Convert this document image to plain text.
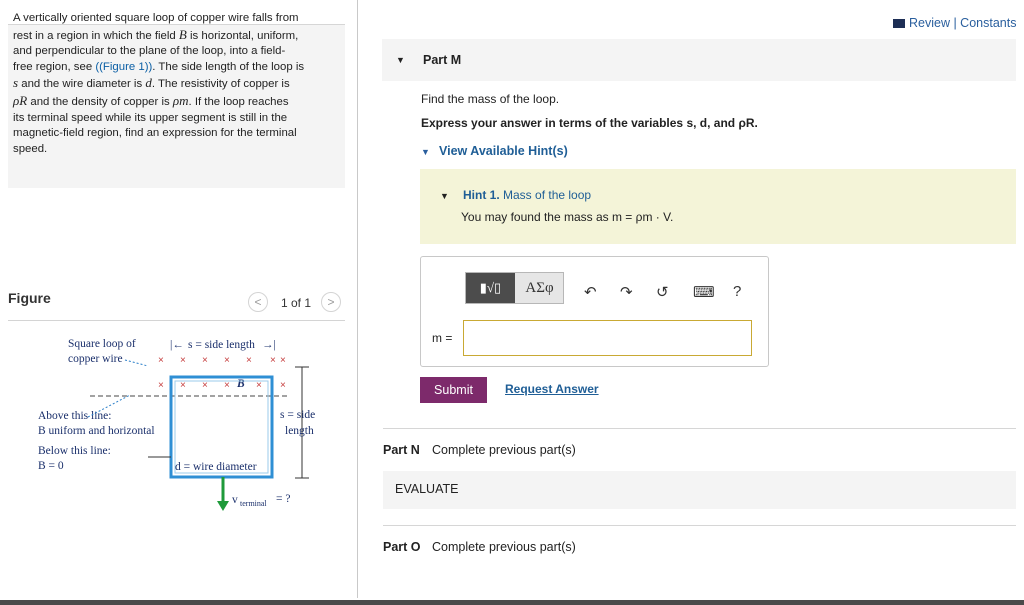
A vertically oriented square loop of copper wire falls from
rest in a region in which the field B is horizontal, uniform,
and perpendicular to the plane of the loop, into a field-
free region, see ((Figure 1)). The side length of the loop is
s and the wire diameter is d. The resistivity of copper is
ρR and the density of copper is ρm. If the loop reaches
its terminal speed while its upper segment is still in the
magnetic-field region, find an expression for the terminal
speed.
Figure	<	1 of 1	>
Square loop of
copper wire
|← s = side length →|
× × × × × × ×
× × × ×	× ×
B
s = side
length
Above this line:
B uniform and horizontal
Below this line:
B = 0	d = wire diameter
v terminal = ?
Review | Constants
▼ Part M
Find the mass of the loop.
Express your answer in terms of the variables s, d, and ρR.
▼ View Available Hint(s)
▼ Hint 1. Mass of the loop
You may found the mass as m = ρm · V.
▮√▯	ΑΣφ	↶ ↷ ↺ ⌨ ?
m =
Submit	Request Answer
Part N Complete previous part(s)
EVALUATE
Part O Complete previous part(s)
